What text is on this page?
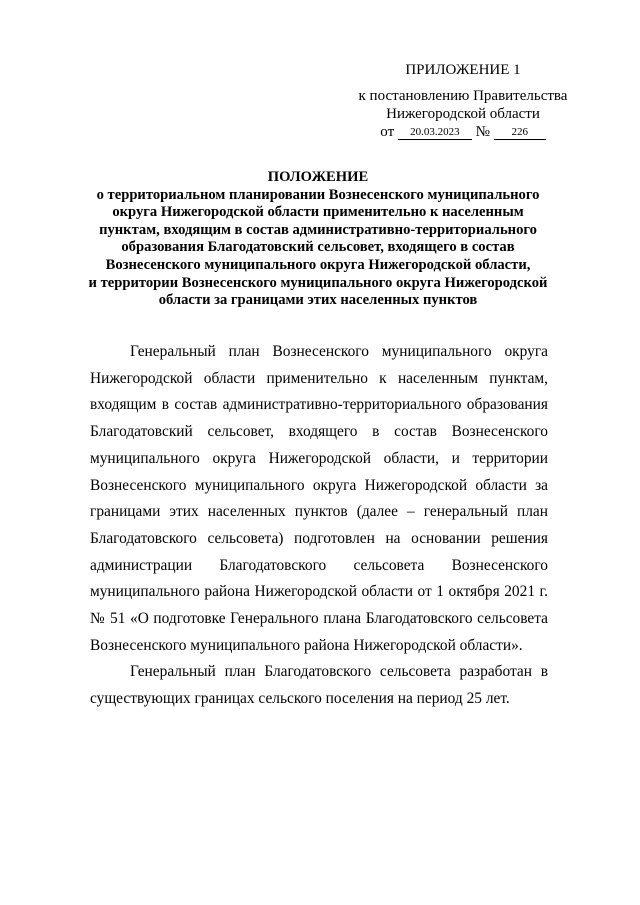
ПРИЛОЖЕНИЕ 1
к постановлению Правительства
Нижегородской области
от 20.03.2023 № 226
ПОЛОЖЕНИЕ
о территориальном планировании Вознесенского муниципального
округа Нижегородской области применительно к населенным
пунктам, входящим в состав административно-территориального
образования Благодатовский сельсовет, входящего в состав
Вознесенского муниципального округа Нижегородской области,
и территории Вознесенского муниципального округа Нижегородской
области за границами этих населенных пунктов

Генеральный план Вознесенского муниципального округа Нижегородской области применительно к населенным пунктам, входящим в состав административно-территориального образования Благодатовский сельсовет, входящего в состав Вознесенского муниципального округа Нижегородской области, и территории Вознесенского муниципального округа Нижегородской области за границами этих населенных пунктов (далее – генеральный план Благодатовского сельсовета) подготовлен на основании решения администрации Благодатовского сельсовета Вознесенского муниципального района Нижегородской области от 1 октября 2021 г. № 51 «О подготовке Генерального плана Благодатовского сельсовета Вознесенского муниципального района Нижегородской области».

Генеральный план Благодатовского сельсовета разработан в существующих границах сельского поселения на период 25 лет.
